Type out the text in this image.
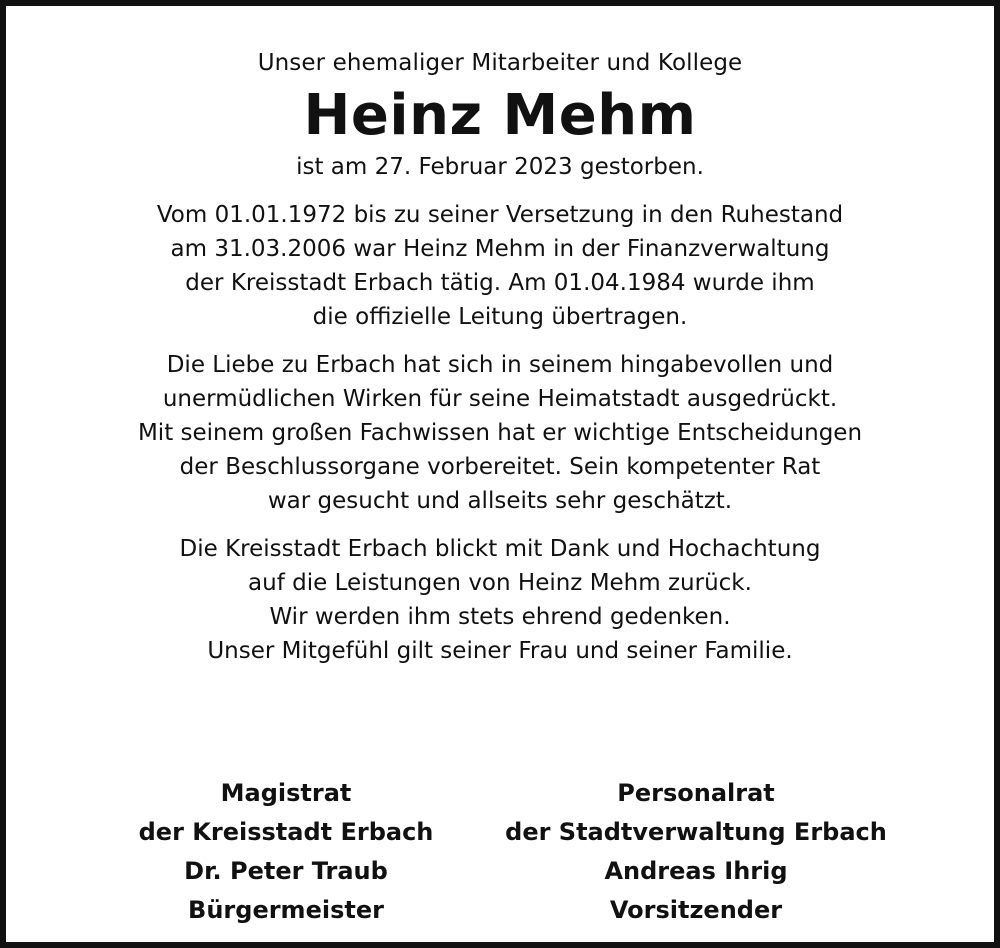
Unser ehemaliger Mitarbeiter und Kollege

Heinz Mehm

ist am 27. Februar 2023 gestorben.

Vom 01.01.1972 bis zu seiner Versetzung in den Ruhestand
am 31.03.2006 war Heinz Mehm in der Finanzverwaltung
der Kreisstadt Erbach tätig. Am 01.04.1984 wurde ihm
die offizielle Leitung übertragen.
Die Liebe zu Erbach hat sich in seinem hingabevollen und
unermüdlichen Wirken für seine Heimatstadt ausgedrückt.
Mit seinem großen Fachwissen hat er wichtige Entscheidungen
der Beschlussorgane vorbereitet. Sein kompetenter Rat
war gesucht und allseits sehr geschätzt.
Die Kreisstadt Erbach blickt mit Dank und Hochachtung
auf die Leistungen von Heinz Mehm zurück.
Wir werden ihm stets ehrend gedenken.
Unser Mitgefühl gilt seiner Frau und seiner Familie.
Magistrat
der Kreisstadt Erbach
Dr. Peter Traub
Bürgermeister
Personalrat
der Stadtverwaltung Erbach
Andreas Ihrig
Vorsitzender
